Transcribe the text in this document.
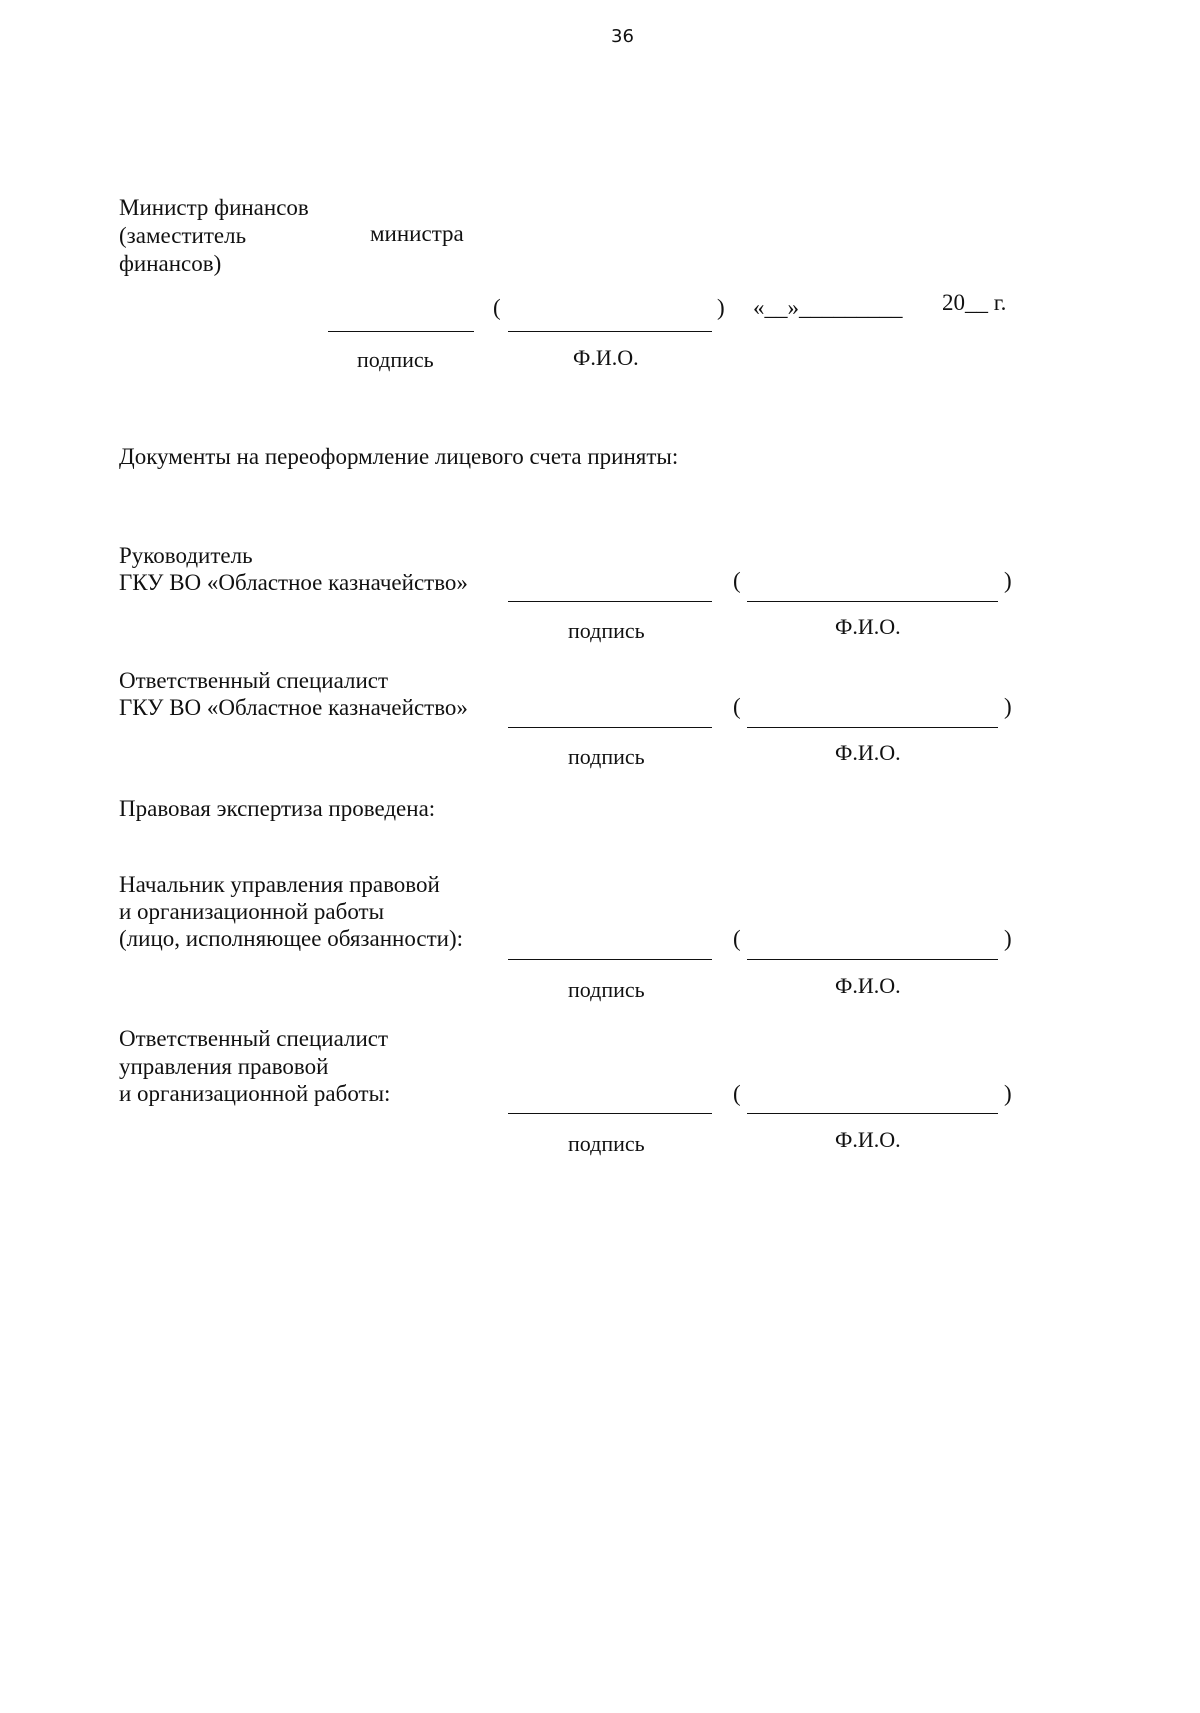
36
Министр финансов
(заместитель	министра
финансов)
(	) «__»_________ 20__ г.
подпись	Ф.И.О.
Документы на переоформление лицевого счета приняты:
Руководитель
ГКУ ВО «Областное казначейство»	(	)
подпись	Ф.И.О.
Ответственный специалист
ГКУ ВО «Областное казначейство»	(	)
подпись	Ф.И.О.
Правовая экспертиза проведена:
Начальник управления правовой
и организационной работы
(лицо, исполняющее обязанности):	(	)
подпись	Ф.И.О.
Ответственный специалист
управления правовой
и организационной работы:	(	)
подпись	Ф.И.О.
